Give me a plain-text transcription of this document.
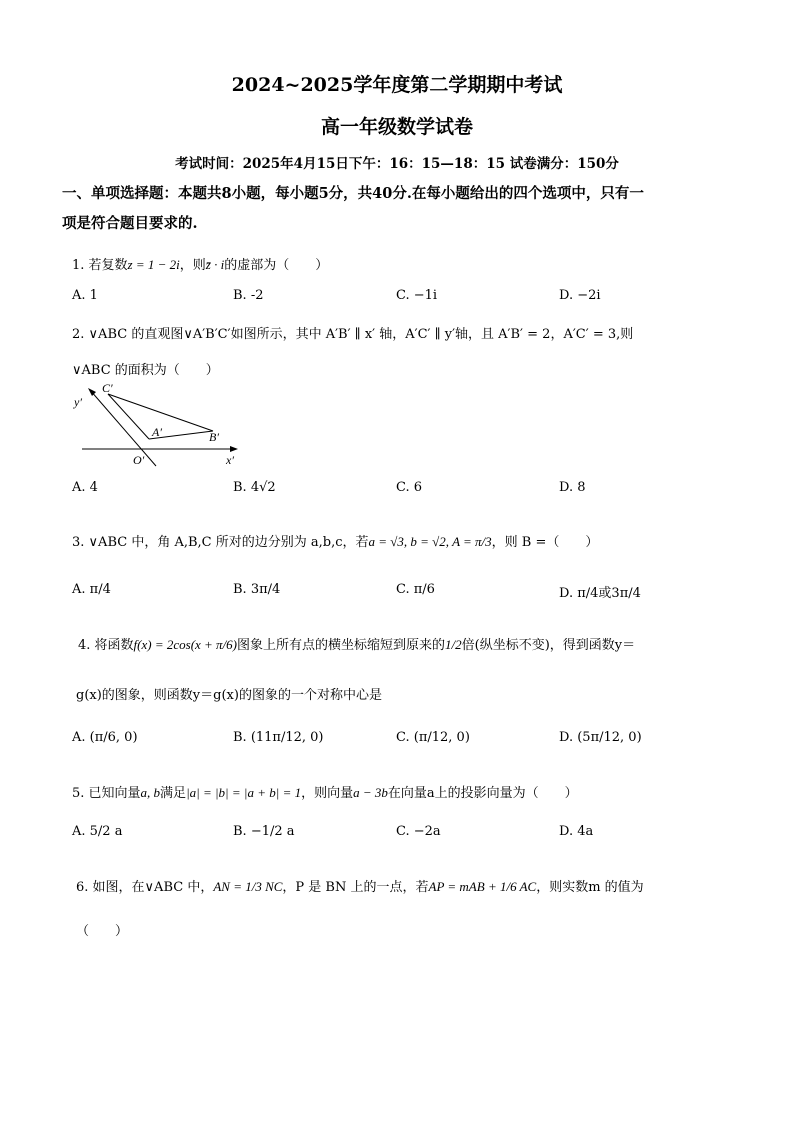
2024~2025学年度第二学期期中考试
高一年级数学试卷
考试时间：2025年4月15日下午：16：15—18：15 试卷满分：150分
一、单项选择题：本题共8小题，每小题5分，共40分.在每小题给出的四个选项中，只有一
项是符合题目要求的.
1. 若复数z = 1 − 2i，则z̄ · i的虚部为（　　）
A. 1	B. -2	C. −1i	D. −2i
2. ∨ABC 的直观图∨A′B′C′如图所示，其中 A′B′ ∥ x′ 轴，A′C′ ∥ y′轴，且 A′B′ = 2，A′C′ = 3,则
∨ABC 的面积为（　　）
y′
C′
A′	B′
O′	x′
A. 4	B. 4√2	C. 6	D. 8
3. ∨ABC 中，角 A,B,C 所对的边分别为 a,b,c，若a = √3, b = √2, A = π/3，则 B =（　　）
A. π/4	B. 3π/4	C. π/6	D. π/4或3π/4
4. 将函数f(x) = 2cos(x + π/6)图象上所有点的横坐标缩短到原来的1/2倍(纵坐标不变)，得到函数y＝
g(x)的图象，则函数y＝g(x)的图象的一个对称中心是
A. (π/6, 0)	B. (11π/12, 0)	C. (π/12, 0)	D. (5π/12, 0)
5. 已知向量a, b满足|a| = |b| = |a + b| = 1，则向量a − 3b在向量a上的投影向量为（　　）
A. 5/2 a	B. −1/2 a	C. −2a	D. 4a
6. 如图，在∨ABC 中，AN = 1/3 NC，P 是 BN 上的一点，若AP = mAB + 1/6 AC，则实数m 的值为
（　　）
